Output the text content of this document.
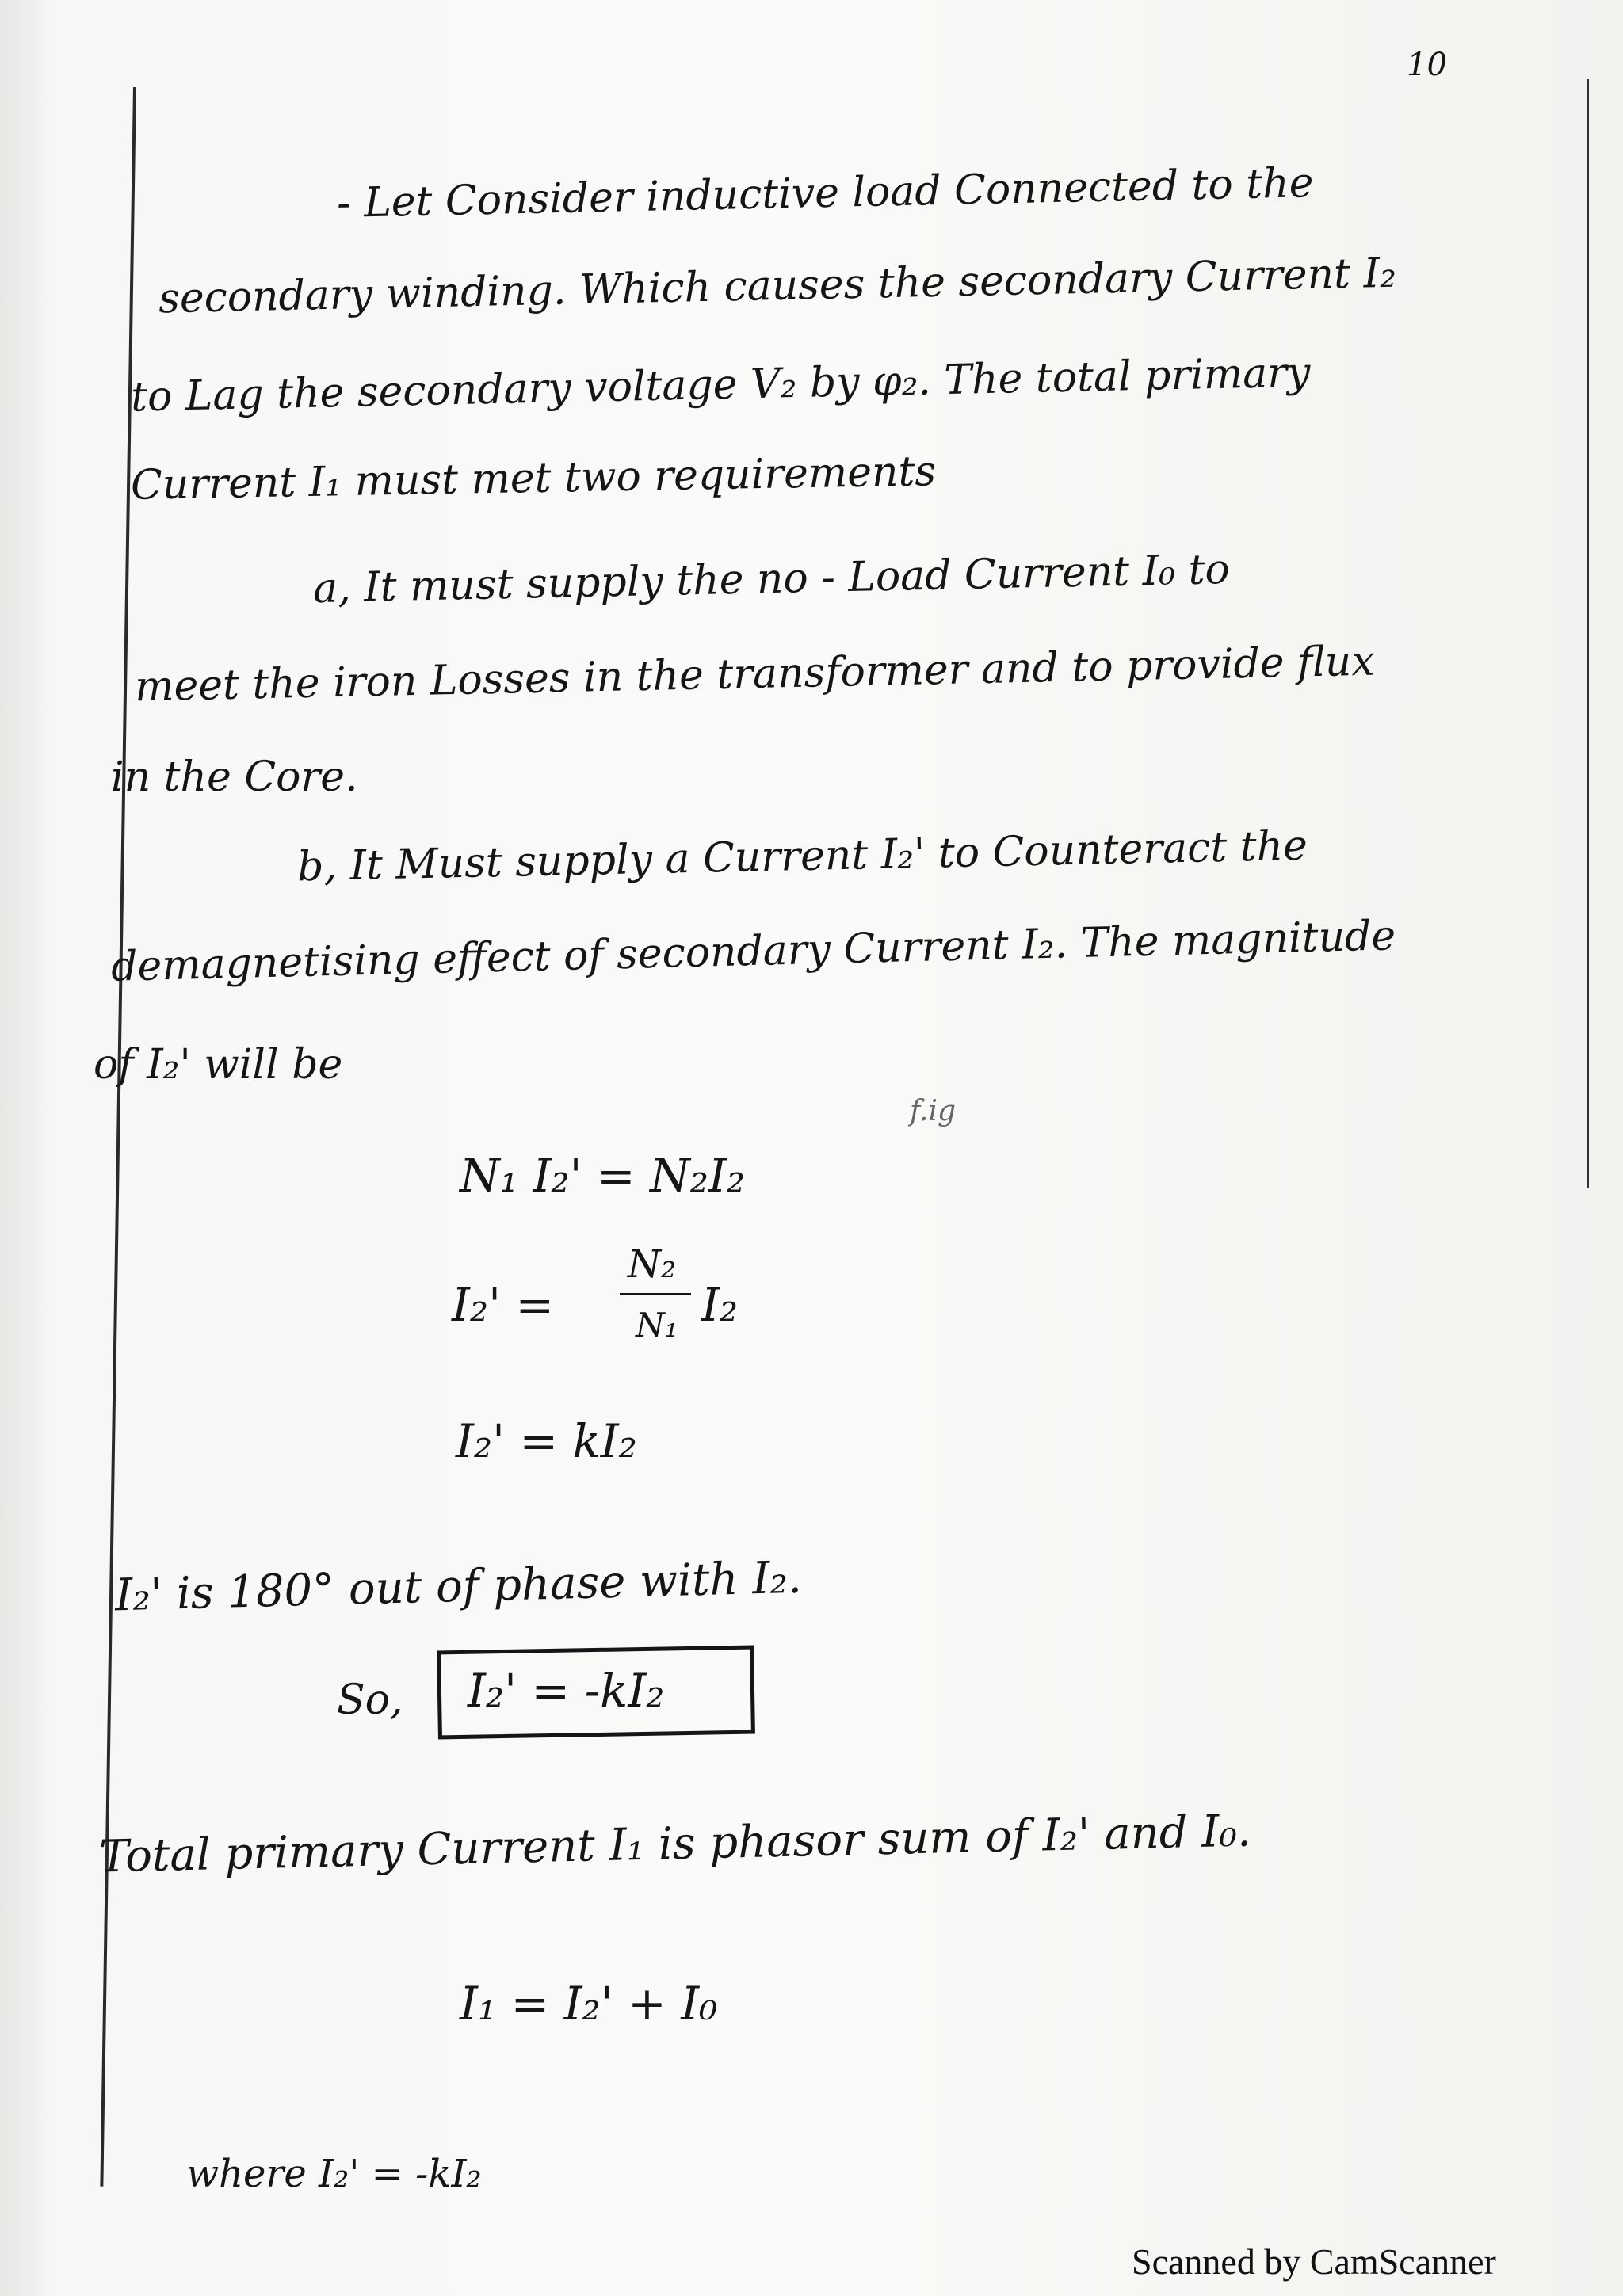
10
- Let Consider inductive load Connected to the
secondary winding. Which causes the secondary Current I₂
to Lag the secondary voltage V₂ by φ₂. The total primary
Current I₁ must met two requirements
a, It must supply the no - Load Current I₀ to
meet the iron Losses in the transformer and to provide flux
in the Core.
b, It Must supply a Current I₂' to Counteract the
demagnetising effect of secondary Current I₂. The magnitude
of I₂' will be
f.ig
N₁ I₂' = N₂I₂
I₂' =
N₂
N₁ I₂
I₂' = kI₂
I₂' is 180° out of phase with I₂.
So, I₂' = -kI₂
Total primary Current I₁ is phasor sum of I₂' and I₀.
I₁ = I₂' + I₀
where I₂' = -kI₂
Scanned by CamScanner
